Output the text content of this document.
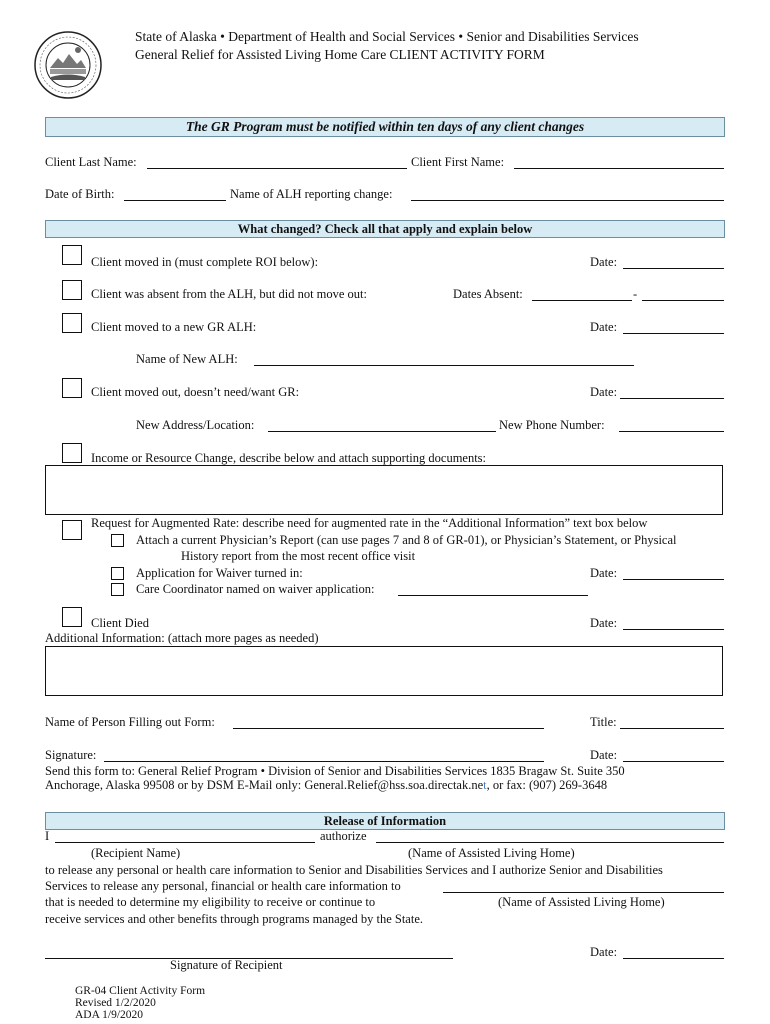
State of Alaska • Department of Health and Social Services • Senior and Disabilities Services
General Relief for Assisted Living Home Care CLIENT ACTIVITY FORM
The GR Program must be notified within ten days of any client changes
Client Last Name:	Client First Name:
Date of Birth:	Name of ALH reporting change:
What changed? Check all that apply and explain below
Client moved in (must complete ROI below):	Date:
Client was absent from the ALH, but did not move out:	Dates Absent:	-
Client moved to a new GR ALH:	Date:
Name of New ALH:
Client moved out, doesn’t need/want GR:	Date:
New Address/Location:	New Phone Number:
Income or Resource Change, describe below and attach supporting documents:
Request for Augmented Rate: describe need for augmented rate in the “Additional Information” text box below
Attach a current Physician’s Report (can use pages 7 and 8 of GR-01), or Physician’s Statement, or Physical
History report from the most recent office visit
Application for Waiver turned in:	Date:
Care Coordinator named on waiver application:
Client Died	Date:
Additional Information: (attach more pages as needed)
Name of Person Filling out Form:	Title:
Signature:	Date:
Send this form to: General Relief Program • Division of Senior and Disabilities Services 1835 Bragaw St. Suite 350
Anchorage, Alaska 99508 or by DSM E-Mail only: General.Relief@hss.soa.directak.net, or fax: (907) 269-3648
Release of Information
I	authorize
(Recipient Name)	(Name of Assisted Living Home)
to release any personal or health care information to Senior and Disabilities Services and I authorize Senior and Disabilities
Services to release any personal, financial or health care information to
that is needed to determine my eligibility to receive or continue to	(Name of Assisted Living Home)
receive services and other benefits through programs managed by the State.
Date:
Signature of Recipient
GR-04 Client Activity Form
Revised 1/2/2020
ADA 1/9/2020
